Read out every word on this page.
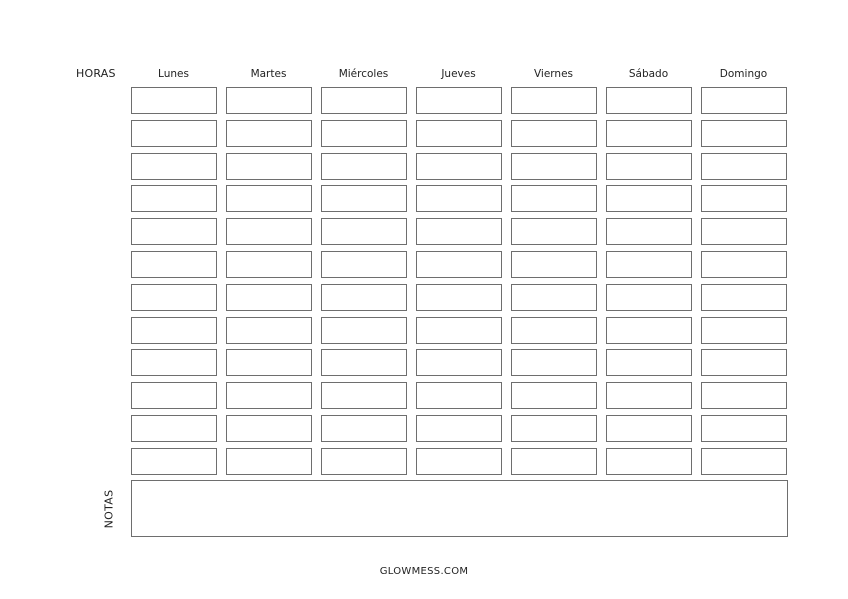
HORAS	Lunes	Martes	Miércoles	Jueves	Viernes	Sábado	Domingo
NOTAS
GLOWMESS.COM
